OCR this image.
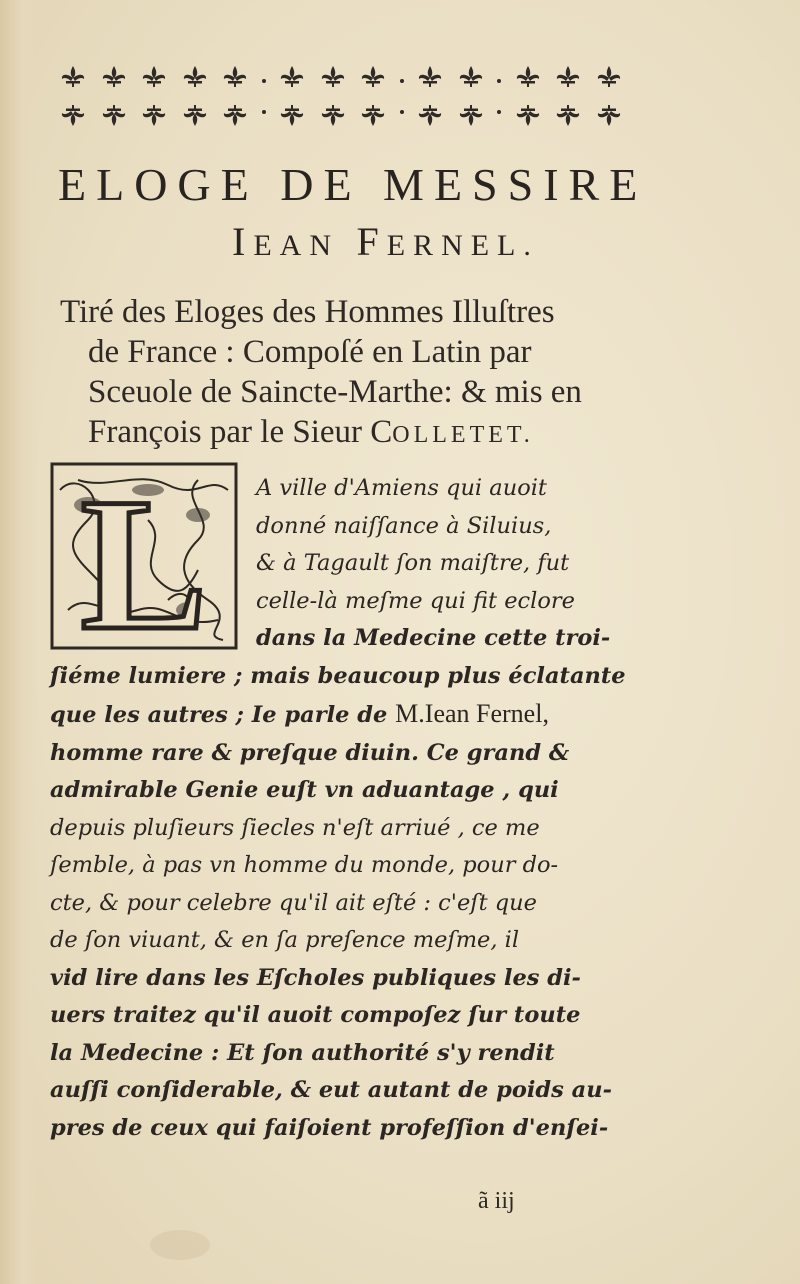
ELOGE DE MESSIRE
IEAN FERNEL.
Tiré des Eloges des Hommes Illuſtres
de France : Compoſé en Latin par
Sceuole de Saincte-Marthe: & mis en
François par le Sieur COLLETET.
L	A ville d'Amiens qui auoit
donné naiſſance à Siluius,
& à Tagault ſon maiſtre, fut
celle-là meſme qui fit eclore
dans la Medecine cette troi-
ſiéme lumiere ; mais beaucoup plus éclatante
que les autres ; Ie parle de M.Iean Fernel,
homme rare & preſque diuin. Ce grand &
admirable Genie euſt vn aduantage , qui
depuis pluſieurs ſiecles n'eſt arriué , ce me
ſemble, à pas vn homme du monde, pour do-
cte, & pour celebre qu'il ait eſté : c'eſt que
de ſon viuant, & en ſa preſence meſme, il
vid lire dans les Eſcholes publiques les di-
uers traitez qu'il auoit compoſez ſur toute
la Medecine : Et ſon authorité s'y rendit
auſſi conſiderable, & eut autant de poids au-
pres de ceux qui faiſoient profeſſion d'enſei-
ã iij
